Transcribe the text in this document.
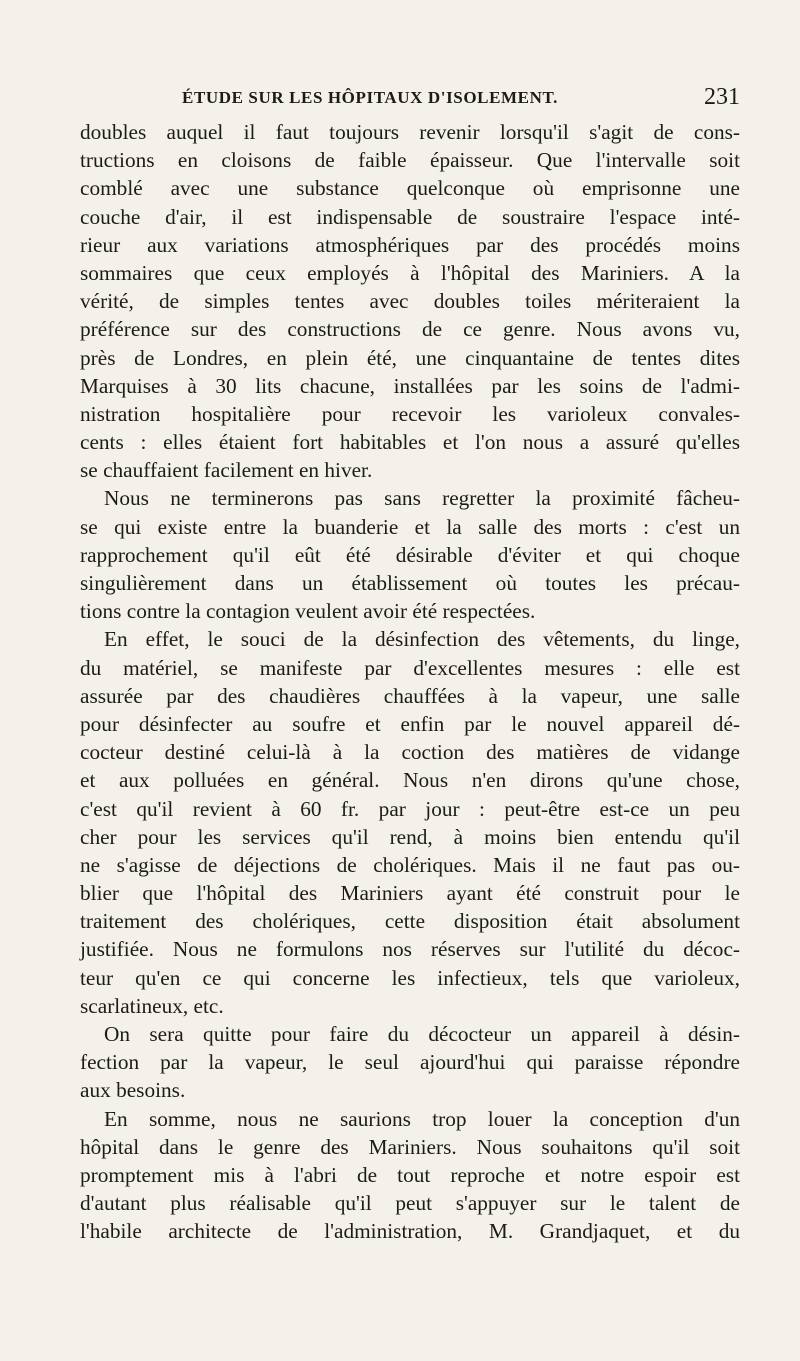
ÉTUDE SUR LES HÔPITAUX D'ISOLEMENT.	231
doubles auquel il faut toujours revenir lorsqu'il s'agit de cons-
tructions en cloisons de faible épaisseur. Que l'intervalle soit
comblé avec une substance quelconque où emprisonne une
couche d'air, il est indispensable de soustraire l'espace inté-
rieur aux variations atmosphériques par des procédés moins
sommaires que ceux employés à l'hôpital des Mariniers. A la
vérité, de simples tentes avec doubles toiles mériteraient la
préférence sur des constructions de ce genre. Nous avons vu,
près de Londres, en plein été, une cinquantaine de tentes dites
Marquises à 30 lits chacune, installées par les soins de l'admi-
nistration hospitalière pour recevoir les varioleux convales-
cents : elles étaient fort habitables et l'on nous a assuré qu'elles
se chauffaient facilement en hiver.
Nous ne terminerons pas sans regretter la proximité fâcheu-
se qui existe entre la buanderie et la salle des morts : c'est un
rapprochement qu'il eût été désirable d'éviter et qui choque
singulièrement dans un établissement où toutes les précau-
tions contre la contagion veulent avoir été respectées.
En effet, le souci de la désinfection des vêtements, du linge,
du matériel, se manifeste par d'excellentes mesures : elle est
assurée par des chaudières chauffées à la vapeur, une salle
pour désinfecter au soufre et enfin par le nouvel appareil dé-
cocteur destiné celui-là à la coction des matières de vidange
et aux polluées en général. Nous n'en dirons qu'une chose,
c'est qu'il revient à 60 fr. par jour : peut-être est-ce un peu
cher pour les services qu'il rend, à moins bien entendu qu'il
ne s'agisse de déjections de cholériques. Mais il ne faut pas ou-
blier que l'hôpital des Mariniers ayant été construit pour le
traitement des cholériques, cette disposition était absolument
justifiée. Nous ne formulons nos réserves sur l'utilité du décoc-
teur qu'en ce qui concerne les infectieux, tels que varioleux,
scarlatineux, etc.
On sera quitte pour faire du décocteur un appareil à désin-
fection par la vapeur, le seul ajourd'hui qui paraisse répondre
aux besoins.
En somme, nous ne saurions trop louer la conception d'un
hôpital dans le genre des Mariniers. Nous souhaitons qu'il soit
promptement mis à l'abri de tout reproche et notre espoir est
d'autant plus réalisable qu'il peut s'appuyer sur le talent de
l'habile architecte de l'administration, M. Grandjaquet, et du
